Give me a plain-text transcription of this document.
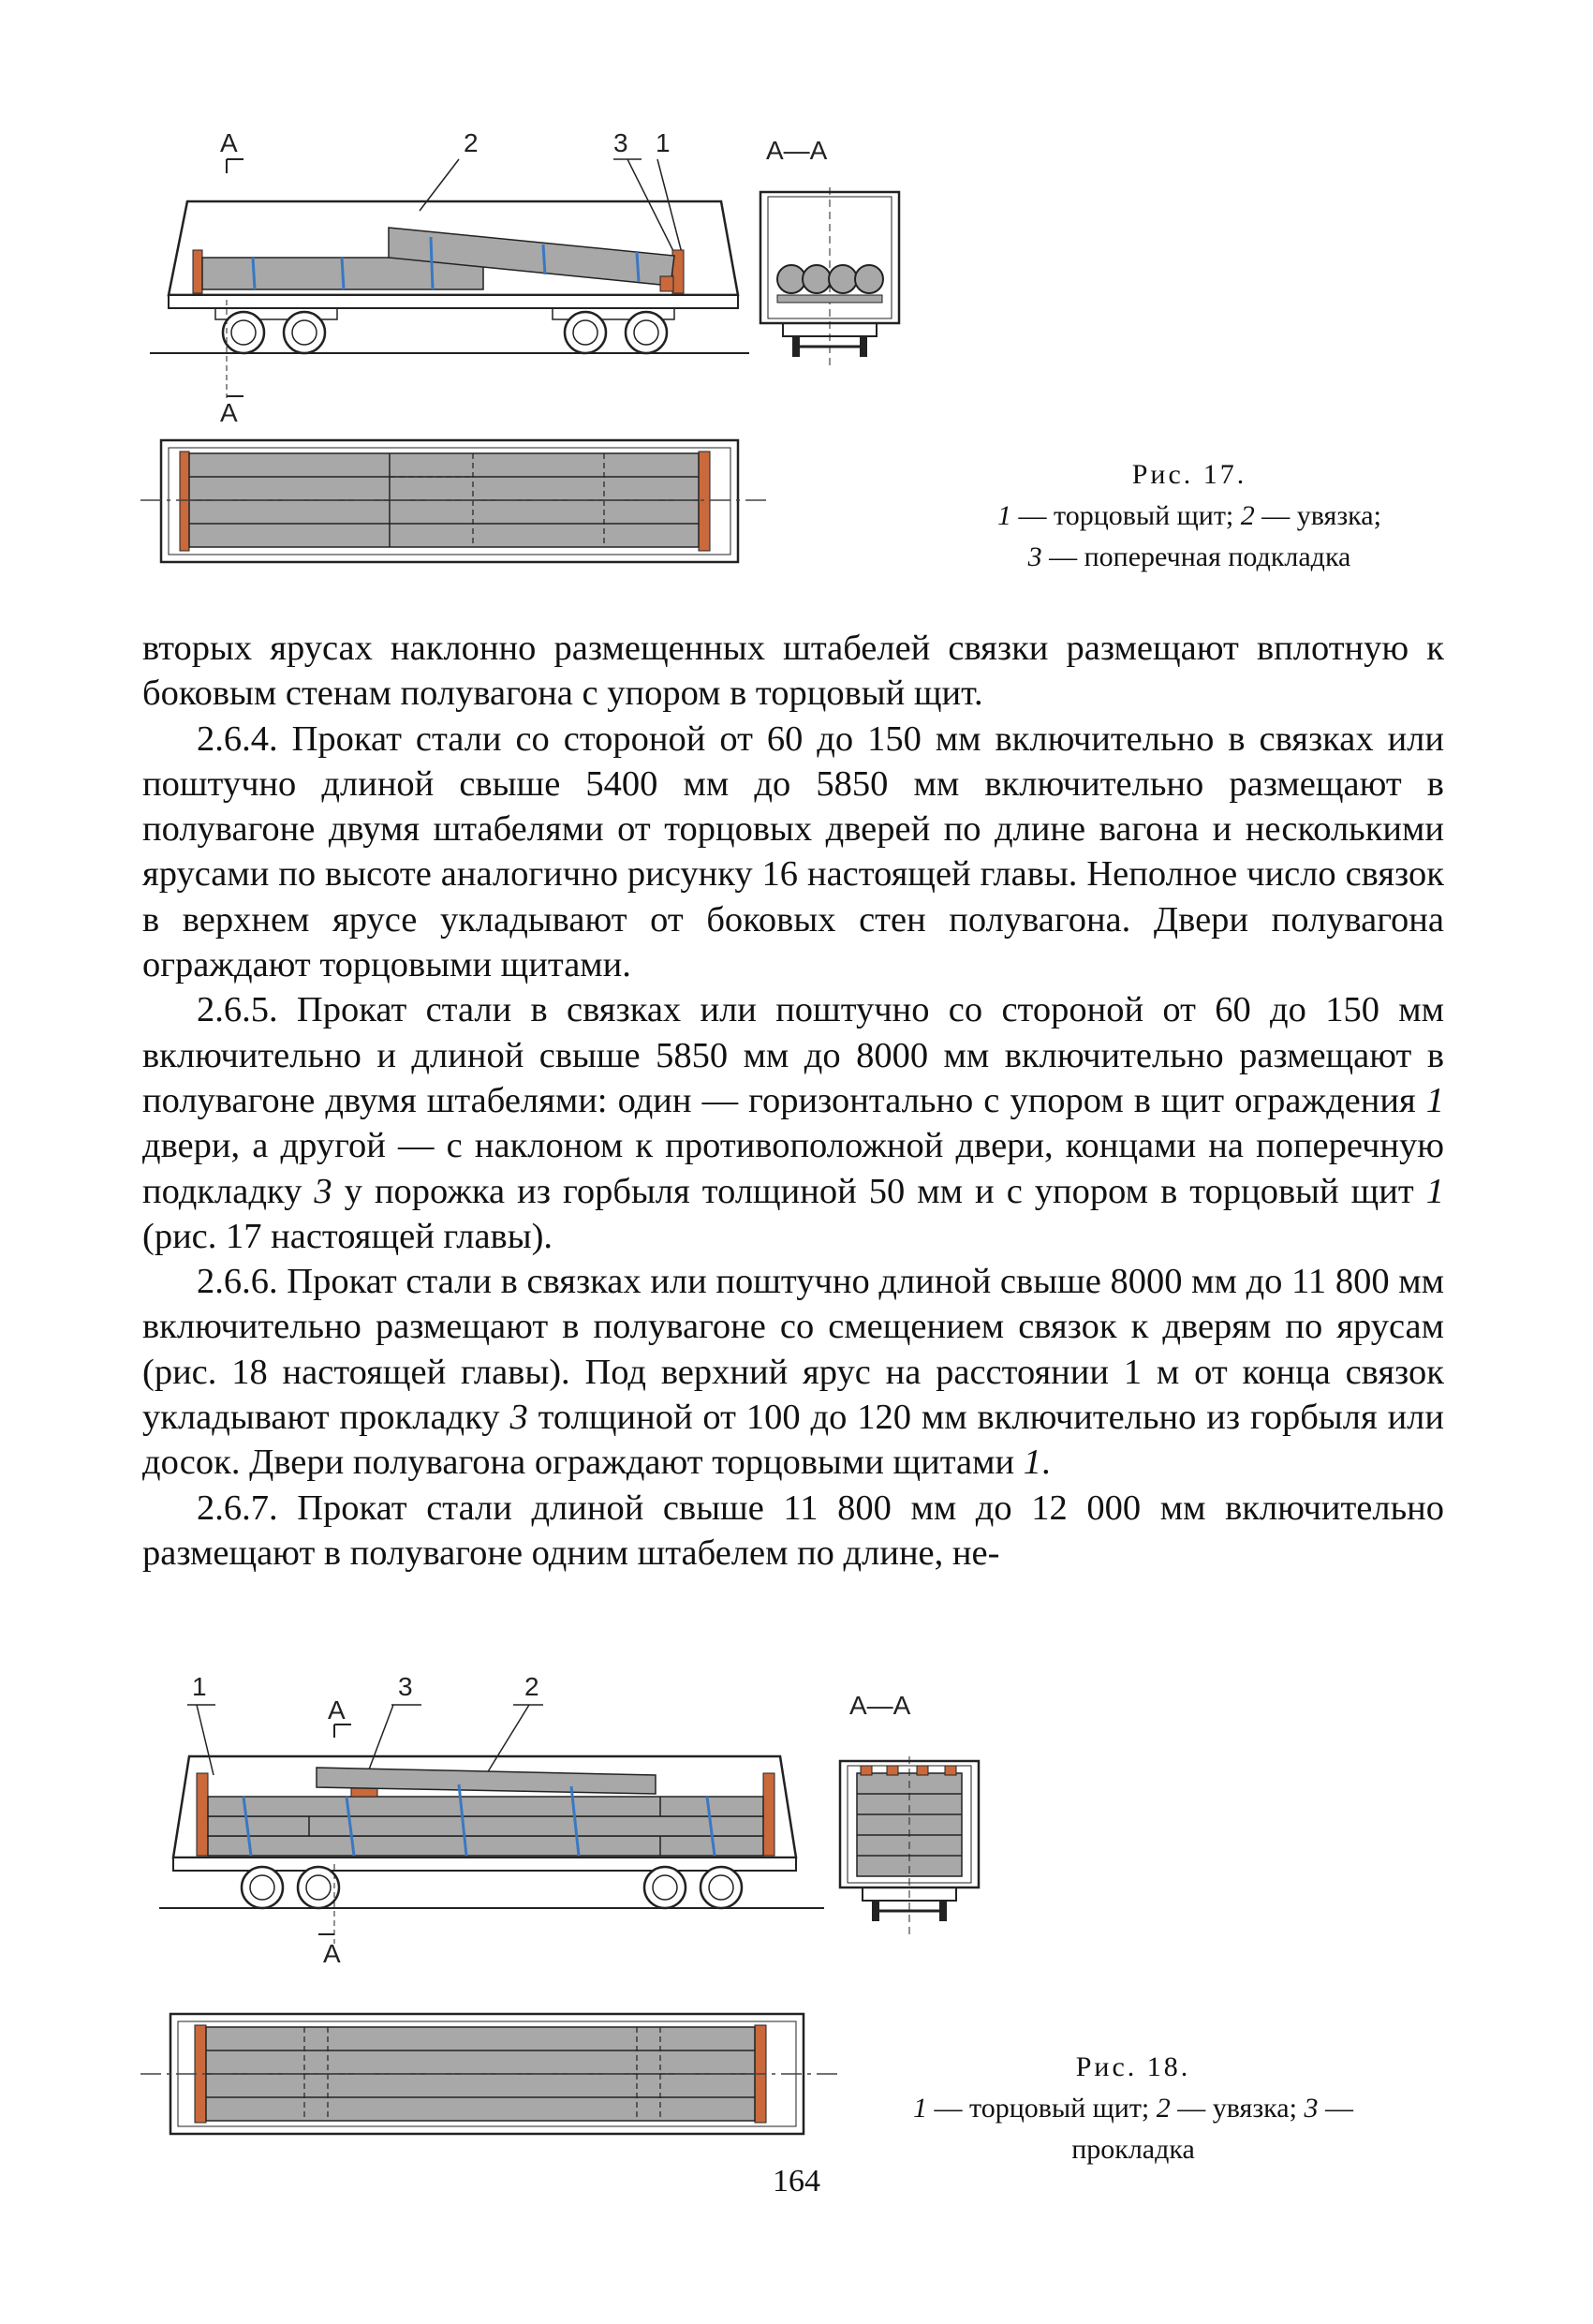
А	2	3 1
А
А—А
Рис. 17.
1 — торцовый щит; 2 — увязка;
3 — поперечная подкладка

вторых ярусах наклонно размещенных штабелей связки размещают вплотную к боковым стенам полувагона с упором в торцовый щит.

2.6.4. Прокат стали со стороной от 60 до 150 мм включительно в связках или поштучно длиной свыше 5400 мм до 5850 мм включительно размещают в полувагоне двумя штабелями от торцовых дверей по длине вагона и несколькими ярусами по высоте аналогично рисунку 16 настоящей главы. Неполное число связок в верхнем ярусе укладывают от боковых стен полувагона. Двери полувагона ограждают торцовыми щитами.

2.6.5. Прокат стали в связках или поштучно со стороной от 60 до 150 мм включительно и длиной свыше 5850 мм до 8000 мм включительно размещают в полувагоне двумя штабелями: один — горизонтально с упором в щит ограждения 1 двери, а другой — с наклоном к противоположной двери, концами на поперечную подкладку 3 у порожка из горбыля толщиной 50 мм и с упором в торцовый щит 1 (рис. 17 настоящей главы).

2.6.6. Прокат стали в связках или поштучно длиной свыше 8000 мм до 11 800 мм включительно размещают в полувагоне со смещением связок к дверям по ярусам (рис. 18 настоящей главы). Под верхний ярус на расстоянии 1 м от конца связок укладывают прокладку 3 толщиной от 100 до 120 мм включительно из горбыля или досок. Двери полувагона ограждают торцовыми щитами 1.

2.6.7. Прокат стали длиной свыше 11 800 мм до 12 000 мм включительно размещают в полувагоне одним штабелем по длине, не-

1
А
3	2
А
А—А
Рис. 18.
1 — торцовый щит; 2 — увязка; 3 —
прокладка
164
